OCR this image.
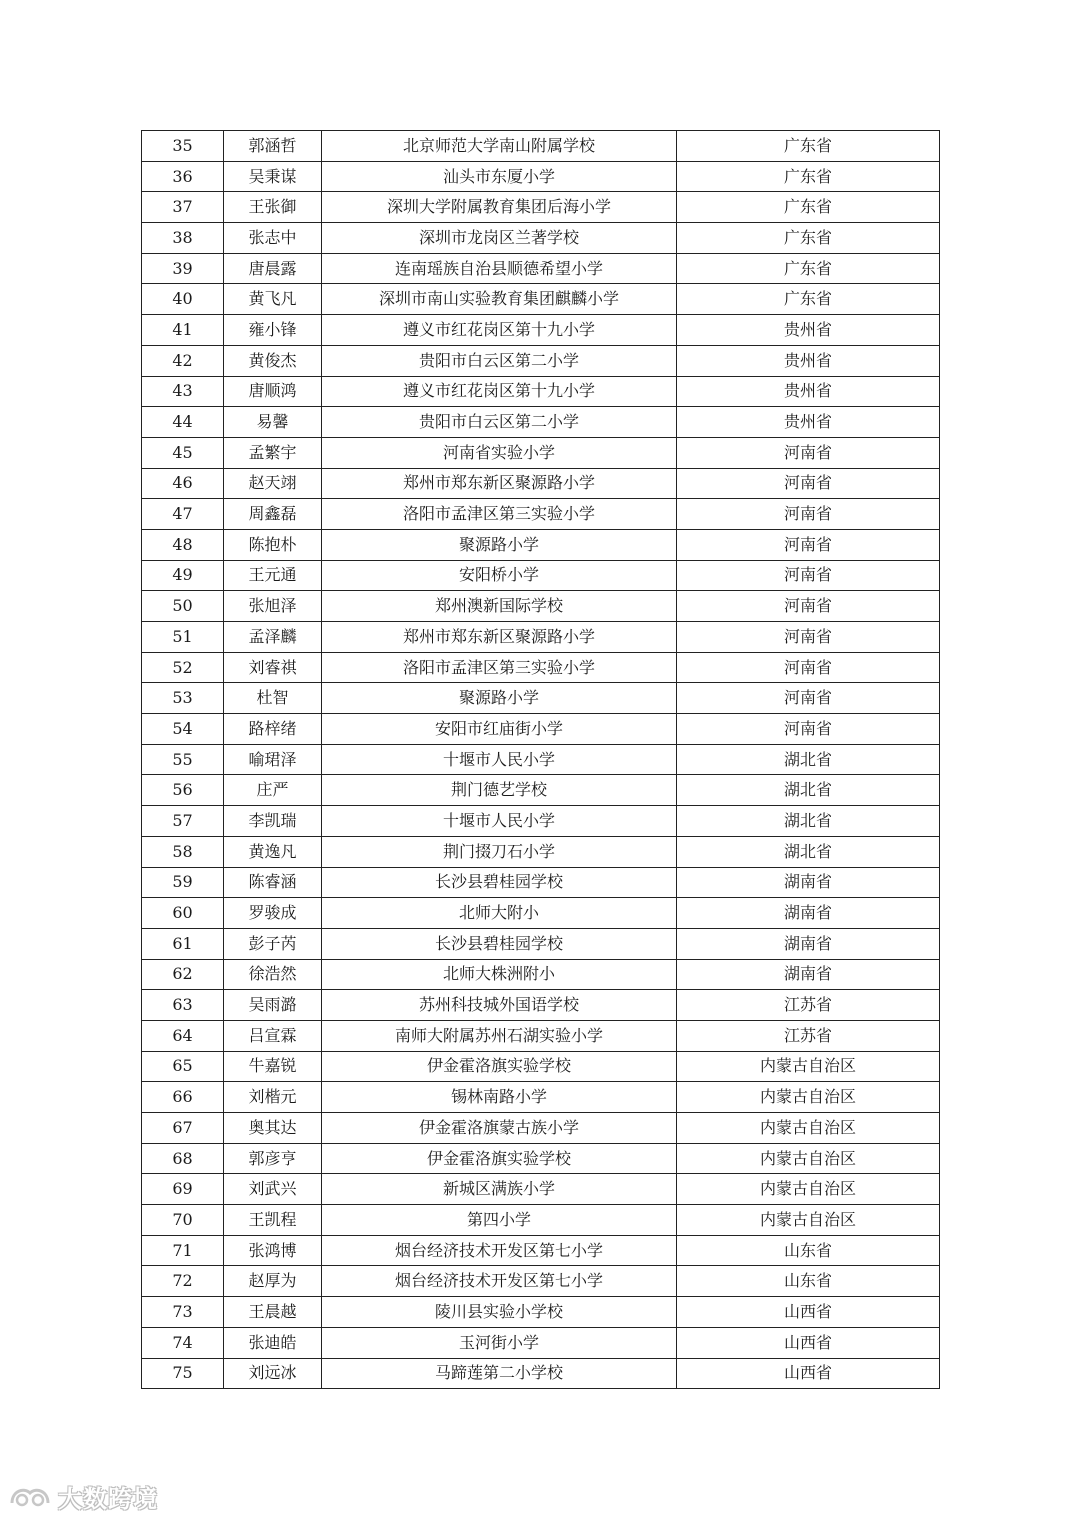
35	郭涵哲	北京师范大学南山附属学校	广东省
36	吴秉谋	汕头市东厦小学	广东省
37	王张御	深圳大学附属教育集团后海小学	广东省
38	张志中	深圳市龙岗区兰著学校	广东省
39	唐晨露	连南瑶族自治县顺德希望小学	广东省
40	黄飞凡	深圳市南山实验教育集团麒麟小学	广东省
41	雍小锋	遵义市红花岗区第十九小学	贵州省
42	黄俊杰	贵阳市白云区第二小学	贵州省
43	唐顺鸿	遵义市红花岗区第十九小学	贵州省
44	易馨	贵阳市白云区第二小学	贵州省
45	孟繁宇	河南省实验小学	河南省
46	赵天翊	郑州市郑东新区聚源路小学	河南省
47	周鑫磊	洛阳市孟津区第三实验小学	河南省
48	陈抱朴	聚源路小学	河南省
49	王元通	安阳桥小学	河南省
50	张旭泽	郑州澳新国际学校	河南省
51	孟泽麟	郑州市郑东新区聚源路小学	河南省
52	刘睿祺	洛阳市孟津区第三实验小学	河南省
53	杜智	聚源路小学	河南省
54	路梓绪	安阳市红庙街小学	河南省
55	喻珺泽	十堰市人民小学	湖北省
56	庄严	荆门德艺学校	湖北省
57	李凯瑞	十堰市人民小学	湖北省
58	黄逸凡	荆门掇刀石小学	湖北省
59	陈睿涵	长沙县碧桂园学校	湖南省
60	罗骏成	北师大附小	湖南省
61	彭子芮	长沙县碧桂园学校	湖南省
62	徐浩然	北师大株洲附小	湖南省
63	吴雨潞	苏州科技城外国语学校	江苏省
64	吕宣霖	南师大附属苏州石湖实验小学	江苏省
65	牛嘉锐	伊金霍洛旗实验学校	内蒙古自治区
66	刘楷元	锡林南路小学	内蒙古自治区
67	奥其达	伊金霍洛旗蒙古族小学	内蒙古自治区
68	郭彦亨	伊金霍洛旗实验学校	内蒙古自治区
69	刘武兴	新城区满族小学	内蒙古自治区
70	王凯程	第四小学	内蒙古自治区
71	张鸿博	烟台经济技术开发区第七小学	山东省
72	赵厚为	烟台经济技术开发区第七小学	山东省
73	王晨越	陵川县实验小学校	山西省
74	张迪皓	玉河街小学	山西省
75	刘远冰	马蹄莲第二小学校	山西省
大数跨境
